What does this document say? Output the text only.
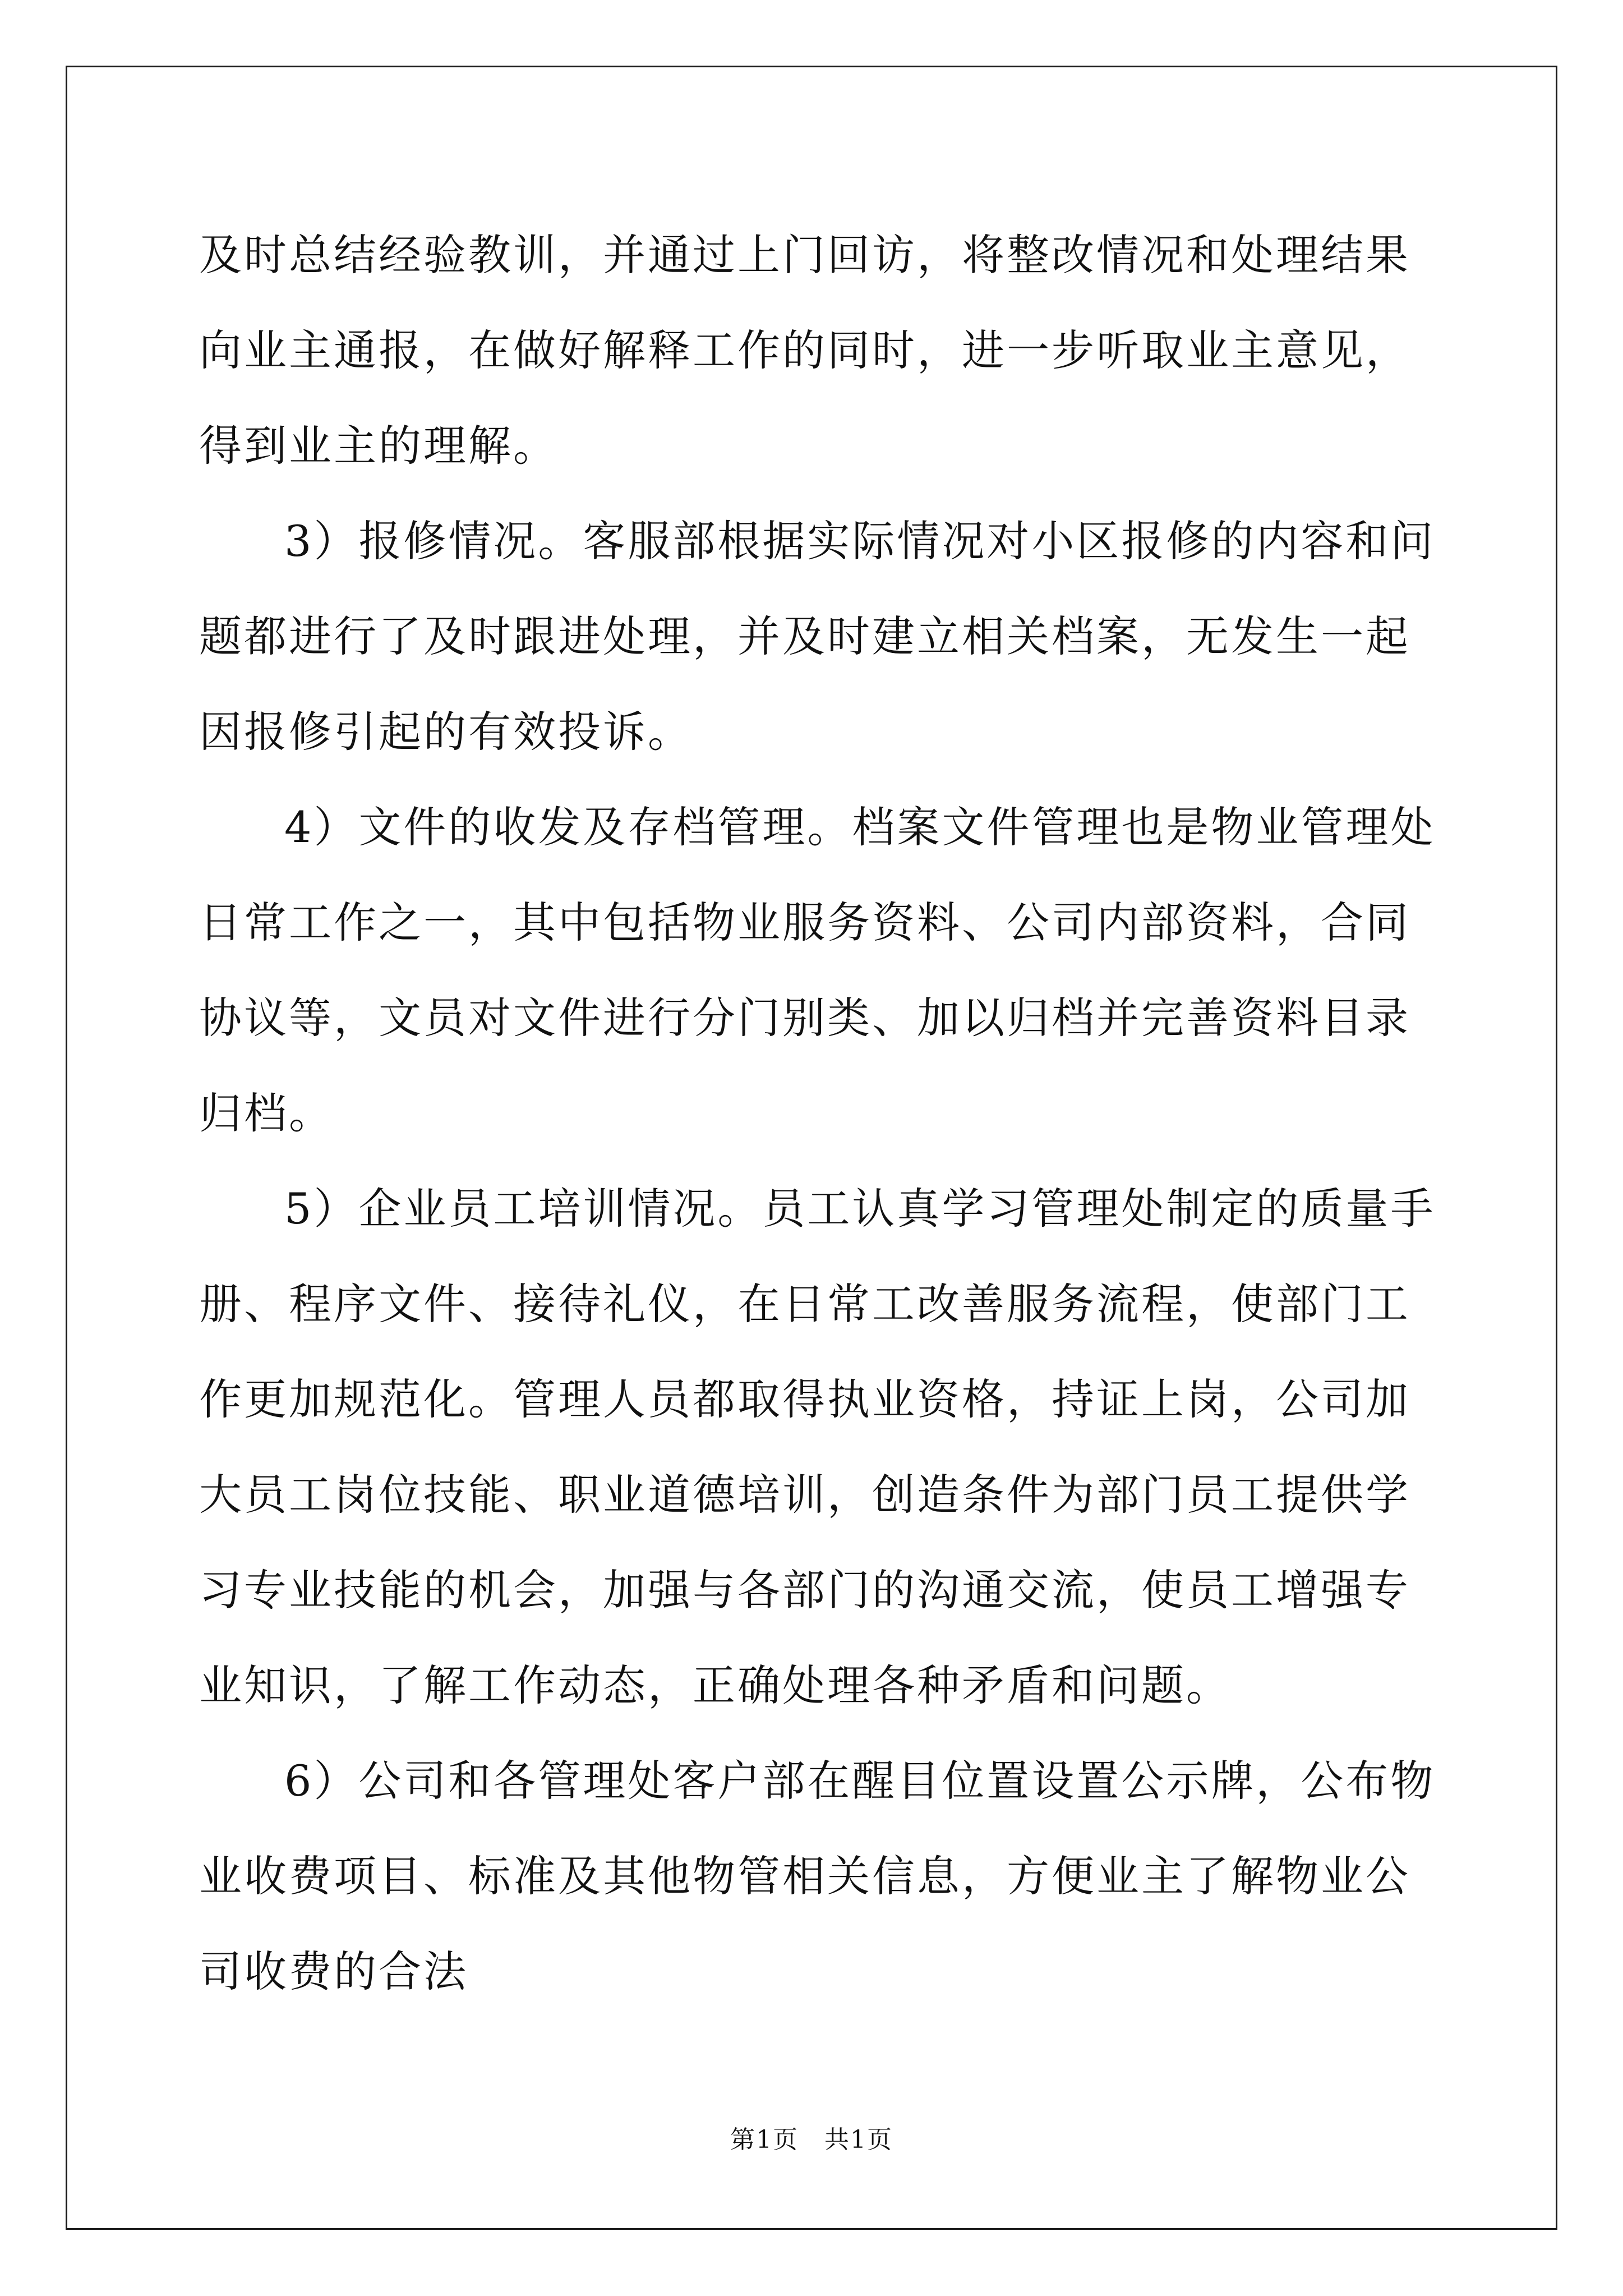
及时总结经验教训，并通过上门回访，将整改情况和处理结果向业主通报，在做好解释工作的同时，进一步听取业主意见，得到业主的理解。

3）报修情况。客服部根据实际情况对小区报修的内容和问题都进行了及时跟进处理，并及时建立相关档案，无发生一起因报修引起的有效投诉。

4）文件的收发及存档管理。档案文件管理也是物业管理处日常工作之一，其中包括物业服务资料、公司内部资料，合同协议等，文员对文件进行分门别类、加以归档并完善资料目录归档。

5）企业员工培训情况。员工认真学习管理处制定的质量手册、程序文件、接待礼仪，在日常工改善服务流程，使部门工作更加规范化。管理人员都取得执业资格，持证上岗，公司加大员工岗位技能、职业道德培训，创造条件为部门员工提供学习专业技能的机会，加强与各部门的沟通交流，使员工增强专业知识，了解工作动态，正确处理各种矛盾和问题。

6）公司和各管理处客户部在醒目位置设置公示牌，公布物业收费项目、标准及其他物管相关信息，方便业主了解物业公司收费的合法

第1页　共1页
